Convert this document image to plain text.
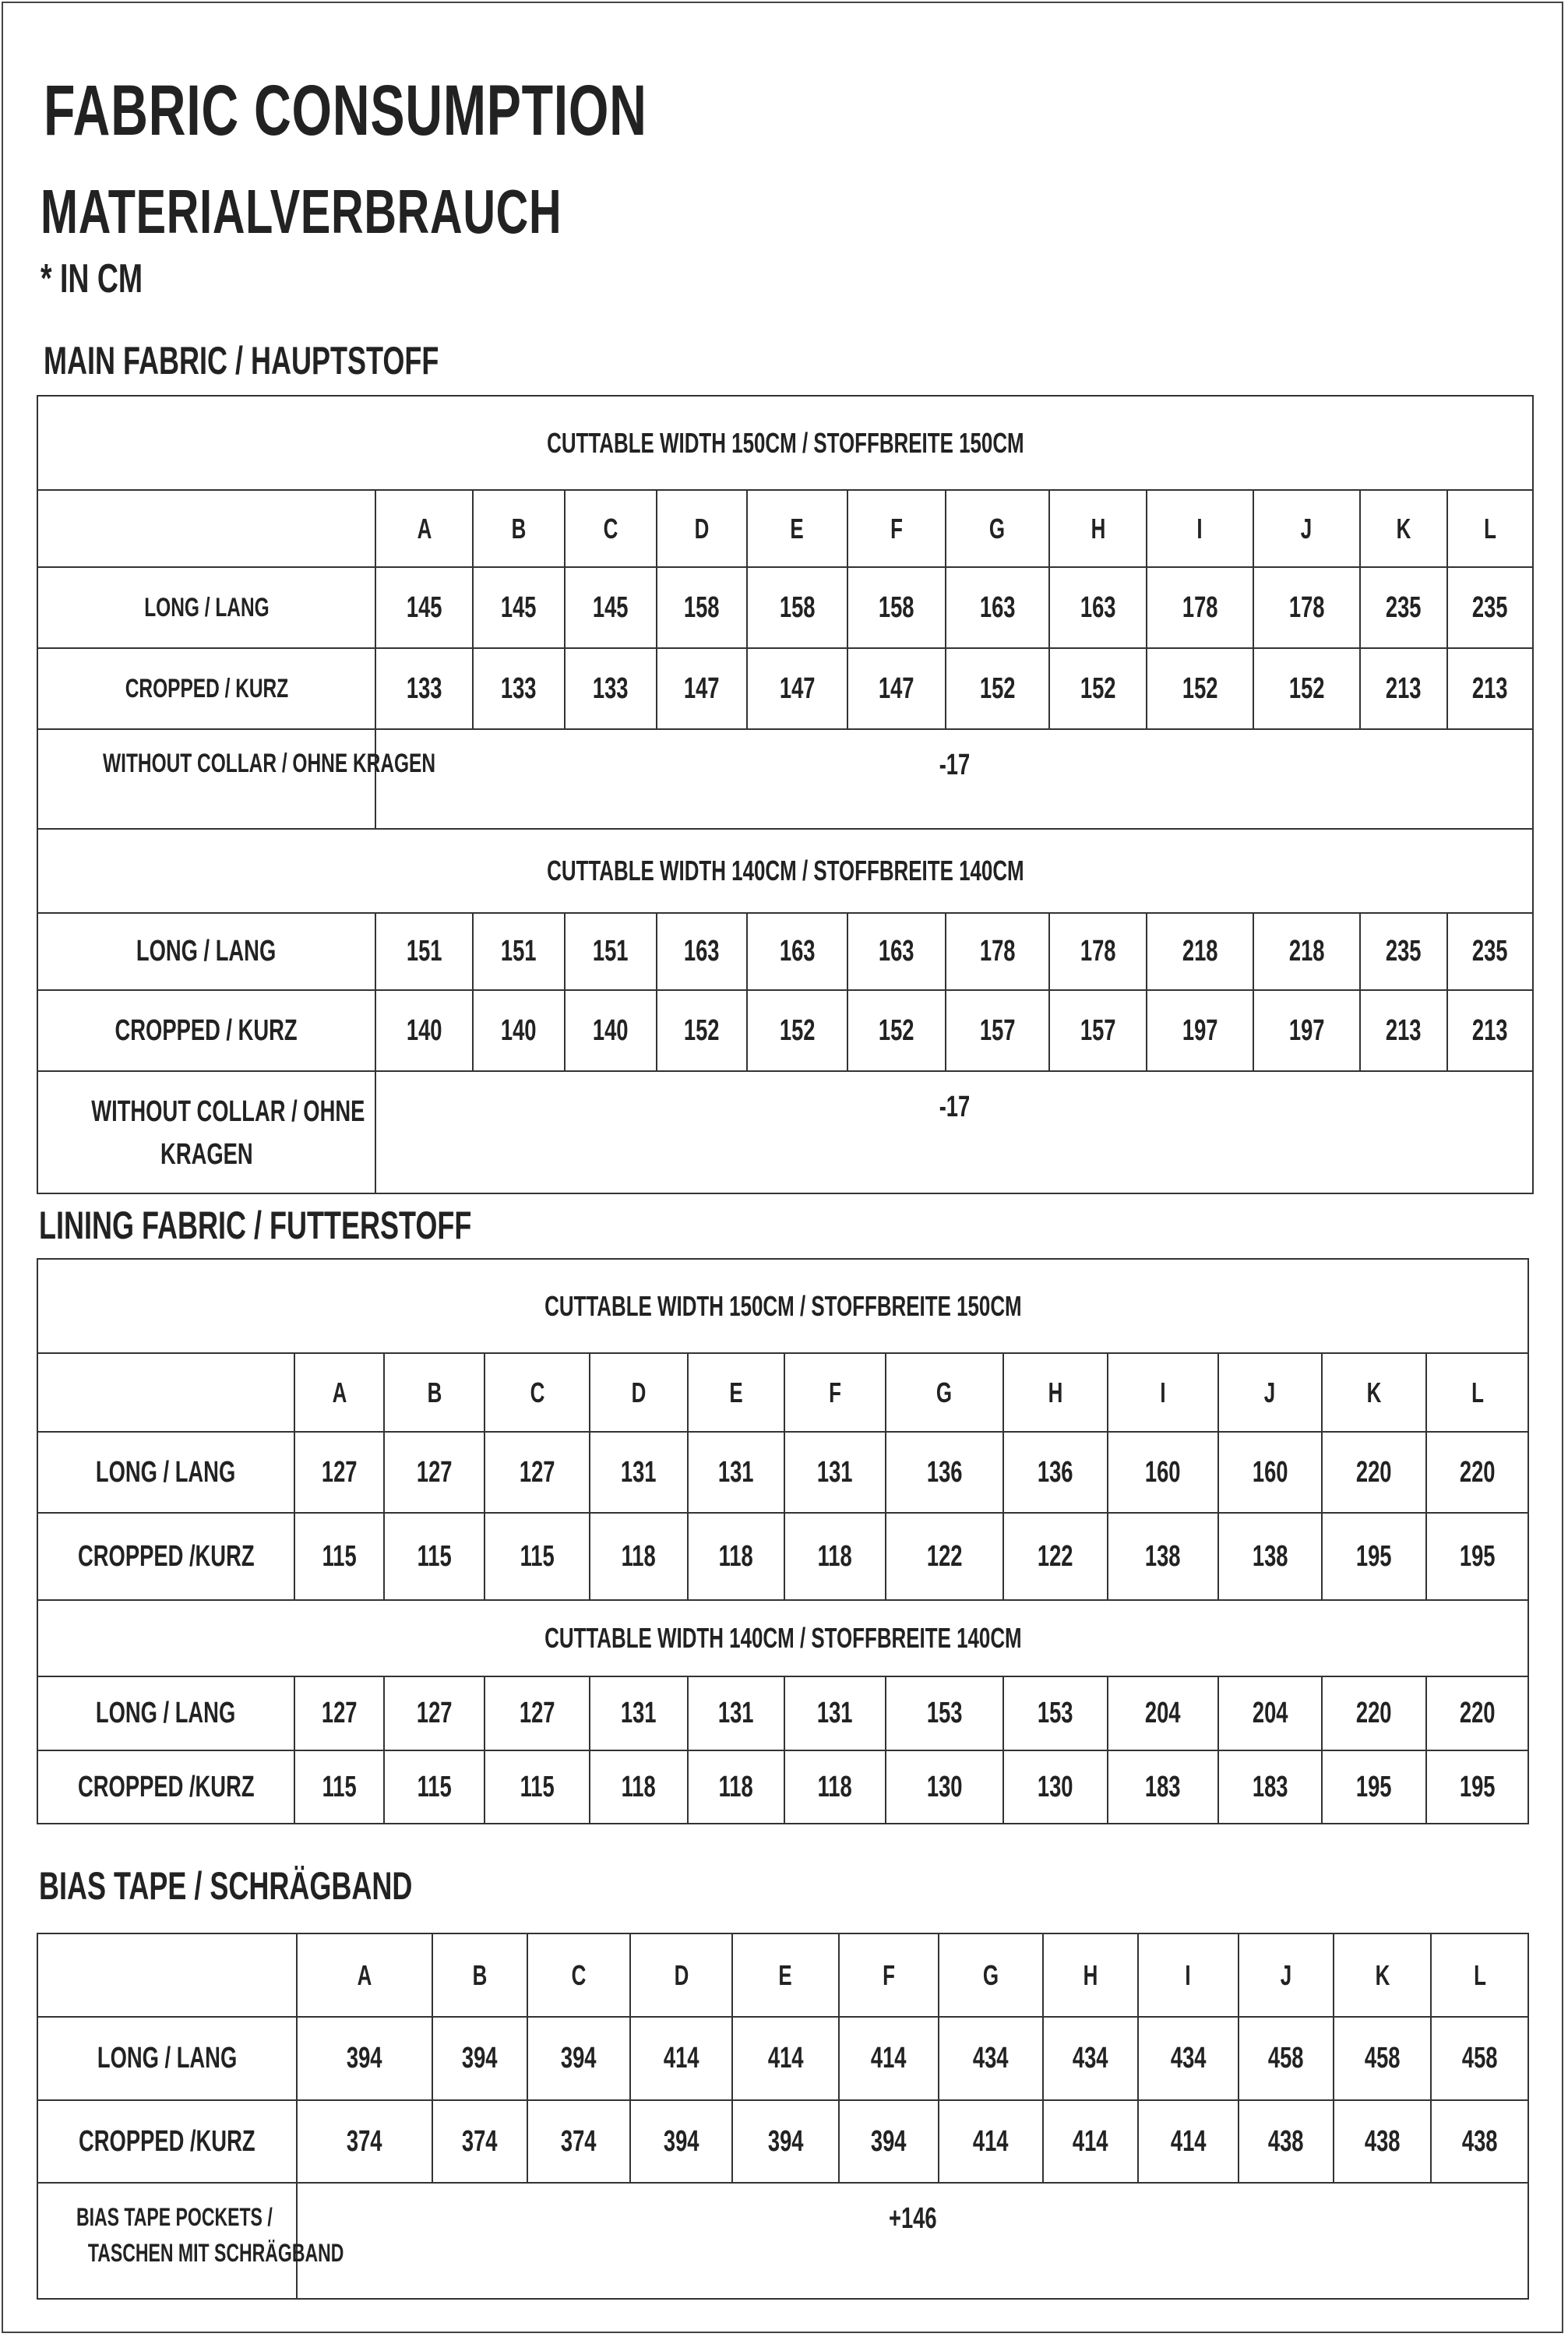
FABRIC CONSUMPTION
MATERIALVERBRAUCH
* IN CM
MAIN FABRIC / HAUPTSTOFF
CUTTABLE WIDTH 150CM / STOFFBREITE 150CM												
	A	B	C	D	E	F	G	H	I	J	K	L
LONG / LANG	145	145	145	158	158	158	163	163	178	178	235	235
CROPPED / KURZ	133	133	133	147	147	147	152	152	152	152	213	213
WITHOUT COLLAR / OHNE KRAGEN	-17											
CUTTABLE WIDTH 140CM / STOFFBREITE 140CM												
LONG / LANG	151	151	151	163	163	163	178	178	218	218	235	235
CROPPED / KURZ	140	140	140	152	152	152	157	157	197	197	213	213
WITHOUT COLLAR / OHNE
KRAGEN	-17											
LINING FABRIC / FUTTERSTOFF
CUTTABLE WIDTH 150CM / STOFFBREITE 150CM												
	A	B	C	D	E	F	G	H	I	J	K	L
LONG / LANG	127	127	127	131	131	131	136	136	160	160	220	220
CROPPED /KURZ	115	115	115	118	118	118	122	122	138	138	195	195
CUTTABLE WIDTH 140CM / STOFFBREITE 140CM												
LONG / LANG	127	127	127	131	131	131	153	153	204	204	220	220
CROPPED /KURZ	115	115	115	118	118	118	130	130	183	183	195	195
BIAS TAPE / SCHRÄGBAND
	A	B	C	D	E	F	G	H	I	J	K	L
LONG / LANG	394	394	394	414	414	414	434	434	434	458	458	458
CROPPED /KURZ	374	374	374	394	394	394	414	414	414	438	438	438
BIAS TAPE POCKETS /
TASCHEN MIT SCHRÄGBAND	+146											
